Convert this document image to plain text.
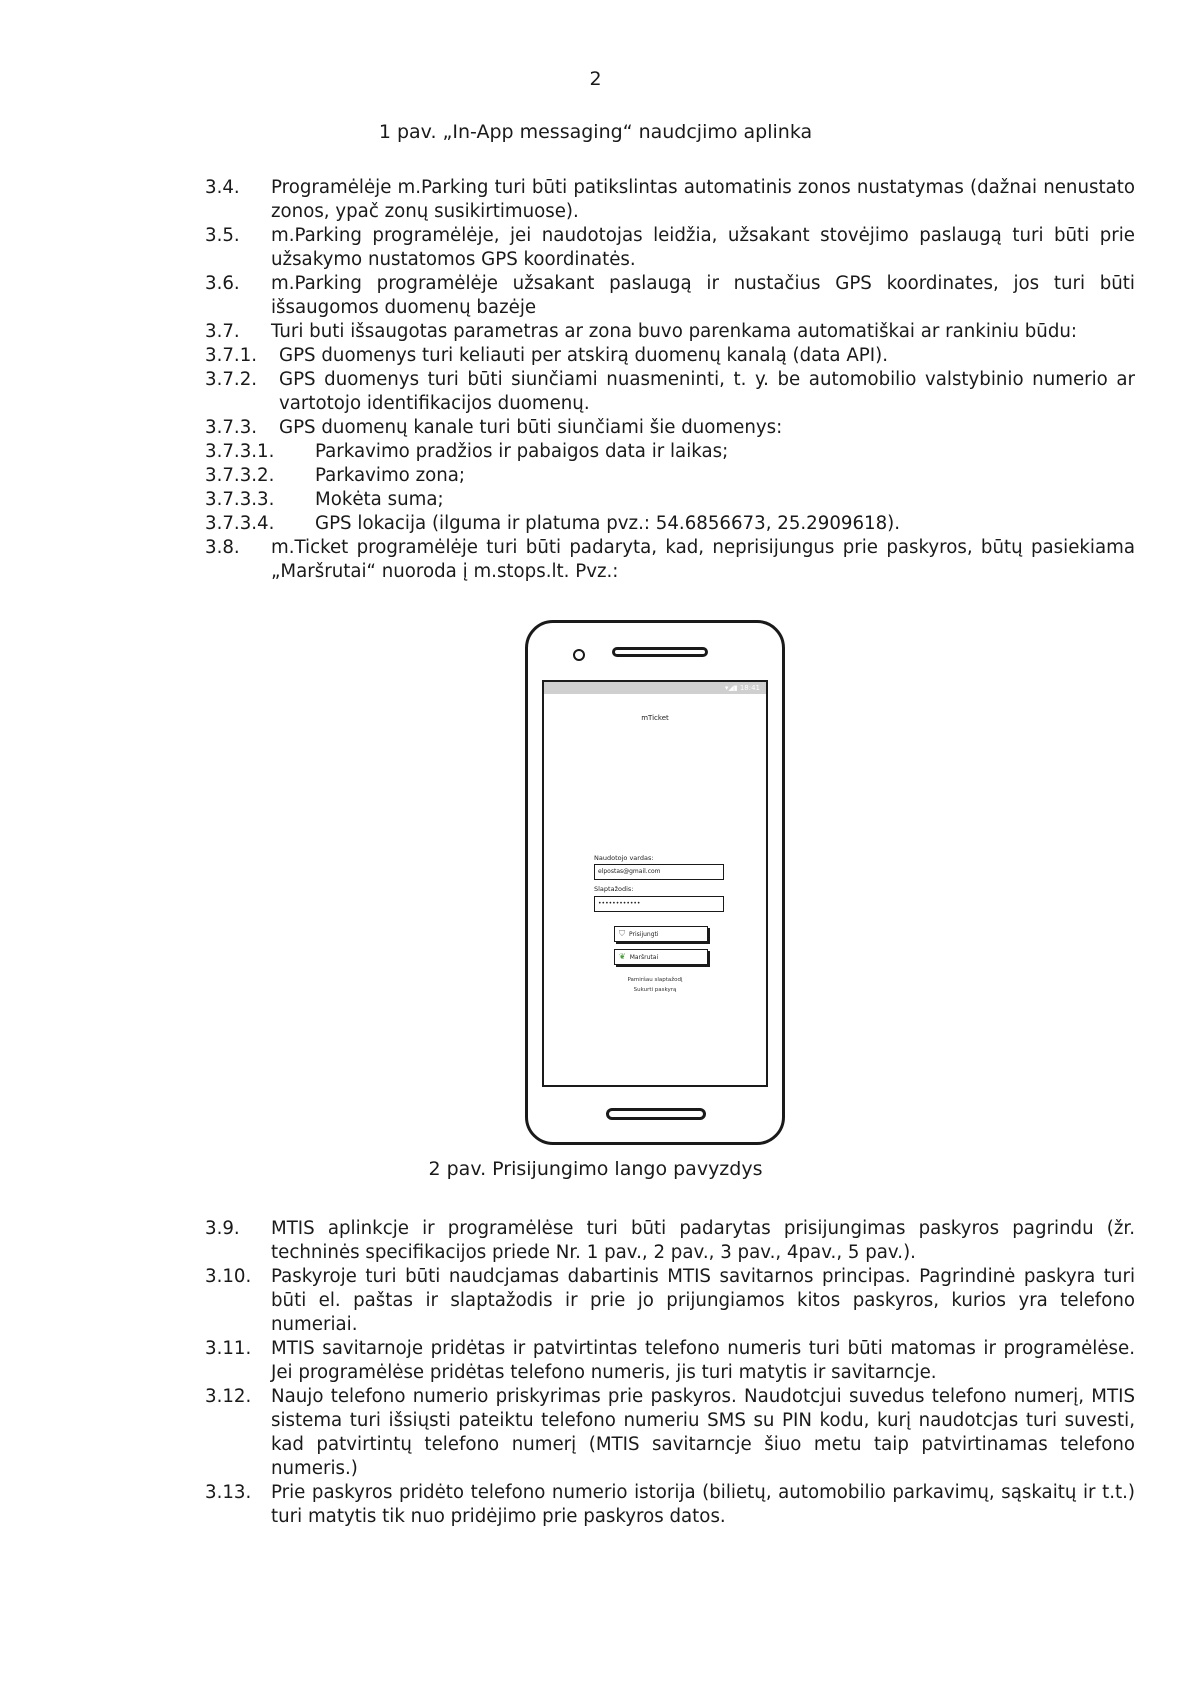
2
1 pav. „In-App messaging“ naudcjimo aplinka
3.4. Programėlėje m.Parking turi būti patikslintas automatinis zonos nustatymas (dažnai nenustato zonos, ypač zonų susikirtimuose).
3.5. m.Parking programėlėje, jei naudotojas leidžia, užsakant stovėjimo paslaugą turi būti prie užsakymo nustatomos GPS koordinatės.
3.6. m.Parking programėlėje užsakant paslaugą ir nustačius GPS koordinates, jos turi būti išsaugomos duomenų bazėje
3.7. Turi buti išsaugotas parametras ar zona buvo parenkama automatiškai ar rankiniu būdu:
3.7.1. GPS duomenys turi keliauti per atskirą duomenų kanalą (data API).
3.7.2. GPS duomenys turi būti siunčiami nuasmeninti, t. y. be automobilio valstybinio numerio ar vartotojo identifikacijos duomenų.
3.7.3. GPS duomenų kanale turi būti siunčiami šie duomenys:
3.7.3.1. Parkavimo pradžios ir pabaigos data ir laikas;
3.7.3.2. Parkavimo zona;
3.7.3.3. Mokėta suma;
3.7.3.4. GPS lokacija (ilguma ir platuma pvz.: 54.6856673, 25.2909618).
3.8. m.Ticket programėlėje turi būti padaryta, kad, neprisijungus prie paskyros, būtų pasiekiama „Maršrutai“ nuoroda į m.stops.lt. Pvz.:
▾◢▮ 18:41
mTicket
Naudotojo vardas:
elpostas@gmail.com
Slaptažodis:
••••••••••••
⛉ Prisijungti
❦ Maršrutai
Pamiršau slaptažodį
Sukurti paskyrą
2 pav. Prisijungimo lango pavyzdys
3.9. MTIS aplinkcje ir programėlėse turi būti padarytas prisijungimas paskyros pagrindu (žr. techninės specifikacijos priede Nr. 1 pav., 2 pav., 3 pav., 4pav., 5 pav.).
3.10. Paskyroje turi būti naudcjamas dabartinis MTIS savitarnos principas. Pagrindinė paskyra turi būti el. paštas ir slaptažodis ir prie jo prijungiamos kitos paskyros, kurios yra telefono numeriai.
3.11. MTIS savitarnoje pridėtas ir patvirtintas telefono numeris turi būti matomas ir programėlėse. Jei programėlėse pridėtas telefono numeris, jis turi matytis ir savitarncje.
3.12. Naujo telefono numerio priskyrimas prie paskyros. Naudotcjui suvedus telefono numerį, MTIS sistema turi išsiųsti pateiktu telefono numeriu SMS su PIN kodu, kurį naudotcjas turi suvesti, kad patvirtintų telefono numerį (MTIS savitarncje šiuo metu taip patvirtinamas telefono numeris.)
3.13. Prie paskyros pridėto telefono numerio istorija (bilietų, automobilio parkavimų, sąskaitų ir t.t.) turi matytis tik nuo pridėjimo prie paskyros datos.
